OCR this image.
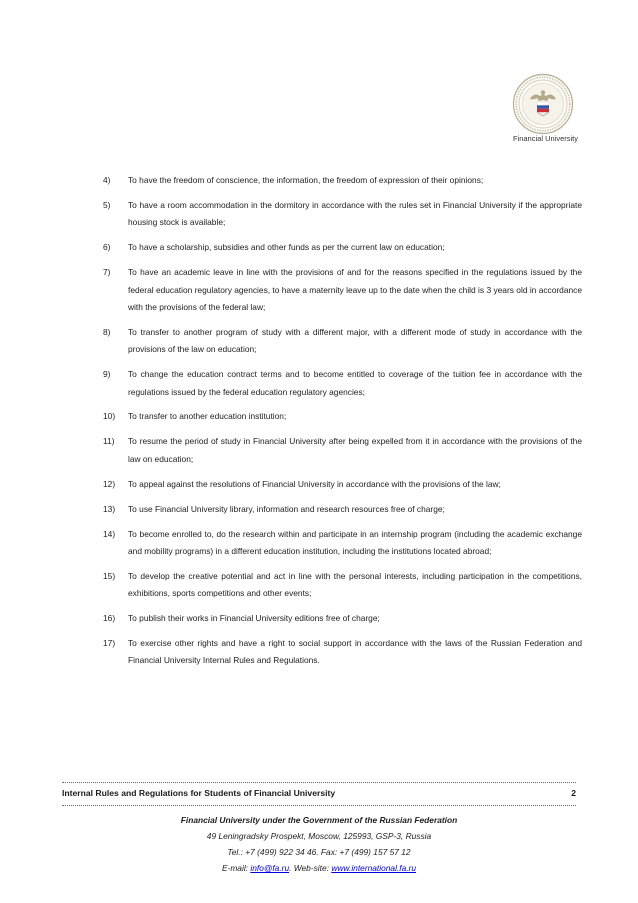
Financial University
4) To have the freedom of conscience, the information, the freedom of expression of their opinions;
5) To have a room accommodation in the dormitory in accordance with the rules set in Financial University if the appropriate housing stock is available;
6) To have a scholarship, subsidies and other funds as per the current law on education;
7) To have an academic leave in line with the provisions of and for the reasons specified in the regulations issued by the federal education regulatory agencies, to have a maternity leave up to the date when the child is 3 years old in accordance with the provisions of the federal law;
8) To transfer to another program of study with a different major, with a different mode of study in accordance with the provisions of the law on education;
9) To change the education contract terms and to become entitled to coverage of the tuition fee in accordance with the regulations issued by the federal education regulatory agencies;
10) To transfer to another education institution;
11) To resume the period of study in Financial University after being expelled from it in accordance with the provisions of the law on education;
12) To appeal against the resolutions of Financial University in accordance with the provisions of the law;
13) To use Financial University library, information and research resources free of charge;
14) To become enrolled to, do the research within and participate in an internship program (including the academic exchange and mobility programs) in a different education institution, including the institutions located abroad;
15) To develop the creative potential and act in line with the personal interests, including participation in the competitions, exhibitions, sports competitions and other events;
16) To publish their works in Financial University editions free of charge;
17) To exercise other rights and have a right to social support in accordance with the laws of the Russian Federation and Financial University Internal Rules and Regulations.
Internal Rules and Regulations for Students of Financial University	2
Financial University under the Government of the Russian Federation
49 Leningradsky Prospekt, Moscow, 125993, GSP-3, Russia
Tel.: +7 (499) 922 34 46. Fax: +7 (499) 157 57 12
E-mail: info@fa.ru. Web-site: www.international.fa.ru
